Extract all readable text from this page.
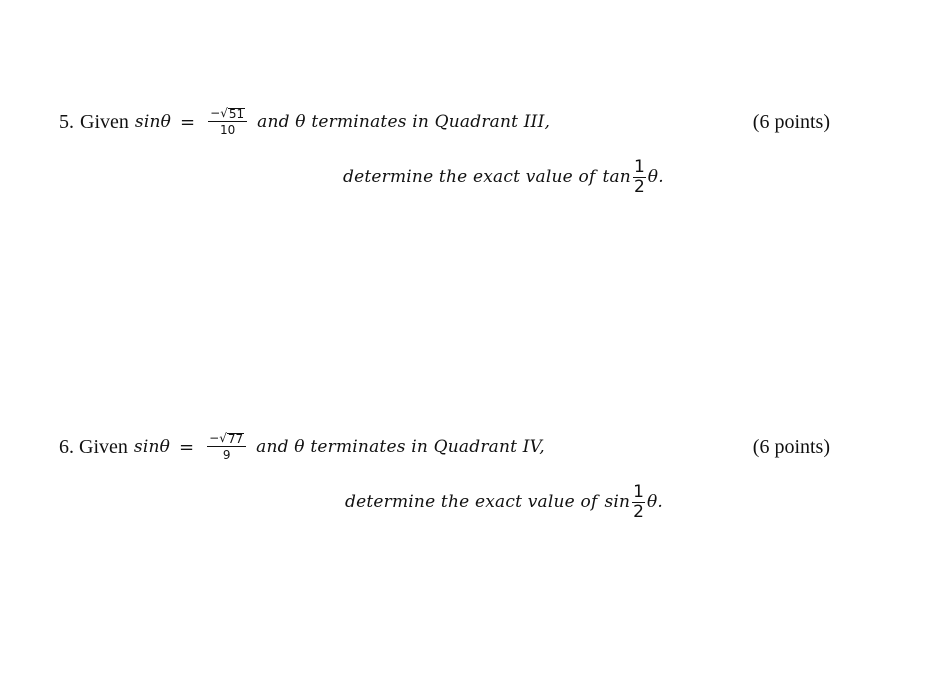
5. Given $\sin\theta = \frac{- √ 51}{10}$ and θ terminates in Quadrant III,	(6 points)
determine the exact value of $\tan \frac{1}{2} \theta$.
6. Given $\sin\theta = \frac{- √ 77}{9}$ and θ terminates in Quadrant IV,	(6 points)
determine the exact value of $\sin \frac{1}{2} \theta$.
